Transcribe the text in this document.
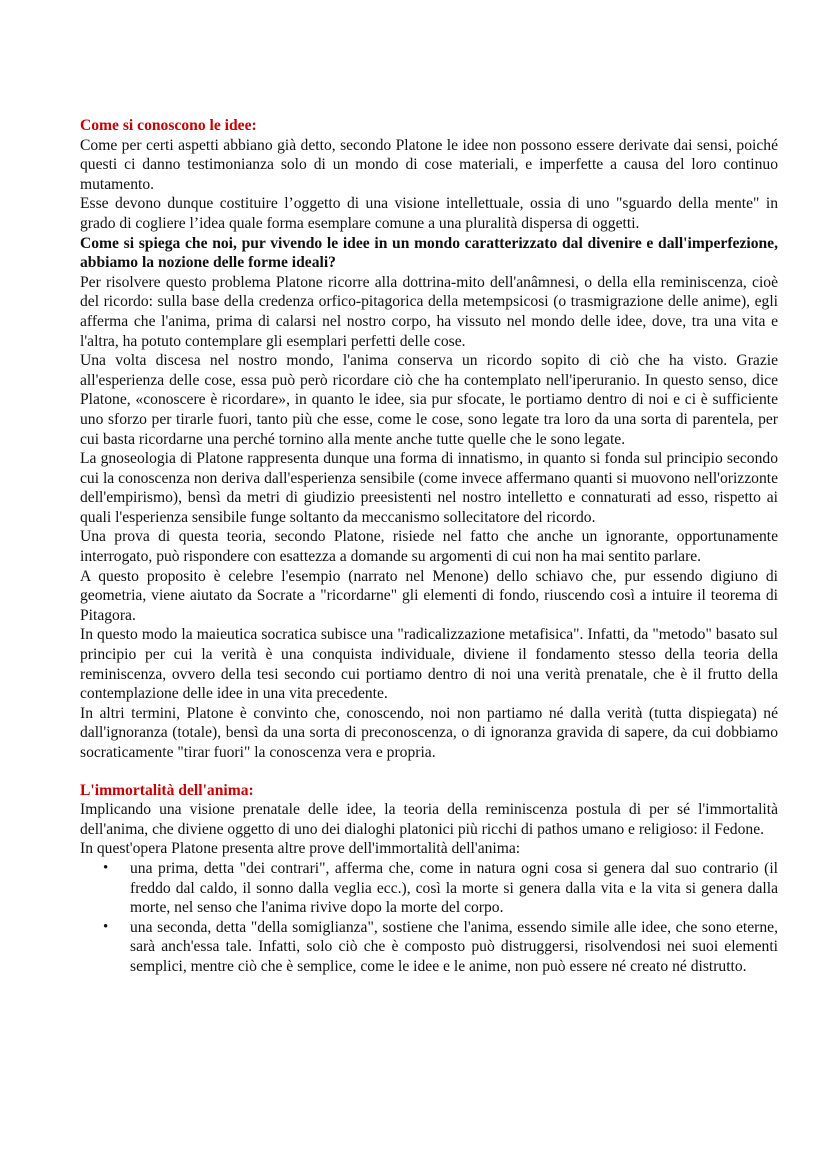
Come si conoscono le idee:

Come per certi aspetti abbiano già detto, secondo Platone le idee non possono essere derivate dai sensi, poiché questi ci danno testimonianza solo di un mondo di cose materiali, e imperfette a causa del loro continuo mutamento.

Esse devono dunque costituire l’oggetto di una visione intellettuale, ossia di uno "sguardo della mente" in grado di cogliere l’idea quale forma esemplare comune a una pluralità dispersa di oggetti.

Come si spiega che noi, pur vivendo le idee in un mondo caratterizzato dal divenire e dall'imperfezione, abbiamo la nozione delle forme ideali?

Per risolvere questo problema Platone ricorre alla dottrina-mito dell'anâmnesi, o della ella reminiscenza, cioè del ricordo: sulla base della credenza orfico-pitagorica della metempsicosi (o trasmigrazione delle anime), egli afferma che l'anima, prima di calarsi nel nostro corpo, ha vissuto nel mondo delle idee, dove, tra una vita e l'altra, ha potuto contemplare gli esemplari perfetti delle cose.

Una volta discesa nel nostro mondo, l'anima conserva un ricordo sopito di ciò che ha visto. Grazie all'esperienza delle cose, essa può però ricordare ciò che ha contemplato nell'iperuranio. In questo senso, dice Platone, «conoscere è ricordare», in quanto le idee, sia pur sfocate, le portiamo dentro di noi e ci è sufficiente uno sforzo per tirarle fuori, tanto più che esse, come le cose, sono legate tra loro da una sorta di parentela, per cui basta ricordarne una perché tornino alla mente anche tutte quelle che le sono legate.

La gnoseologia di Platone rappresenta dunque una forma di innatismo, in quanto si fonda sul principio secondo cui la conoscenza non deriva dall'esperienza sensibile (come invece affermano quanti si muovono nell'orizzonte dell'empirismo), bensì da metri di giudizio preesistenti nel nostro intelletto e connaturati ad esso, rispetto ai quali l'esperienza sensibile funge soltanto da meccanismo sollecitatore del ricordo.

Una prova di questa teoria, secondo Platone, risiede nel fatto che anche un ignorante, opportunamente interrogato, può rispondere con esattezza a domande su argomenti di cui non ha mai sentito parlare.

A questo proposito è celebre l'esempio (narrato nel Menone) dello schiavo che, pur essendo digiuno di geometria, viene aiutato da Socrate a "ricordarne" gli elementi di fondo, riuscendo così a intuire il teorema di Pitagora.

In questo modo la maieutica socratica subisce una "radicalizzazione metafisica". Infatti, da "metodo" basato sul principio per cui la verità è una conquista individuale, diviene il fondamento stesso della teoria della reminiscenza, ovvero della tesi secondo cui portiamo dentro di noi una verità prenatale, che è il frutto della contemplazione delle idee in una vita precedente.

In altri termini, Platone è convinto che, conoscendo, noi non partiamo né dalla verità (tutta dispiegata) né dall'ignoranza (totale), bensì da una sorta di preconoscenza, o di ignoranza gravida di sapere, da cui dobbiamo socraticamente "tirar fuori" la conoscenza vera e propria.

L'immortalità dell'anima:

Implicando una visione prenatale delle idee, la teoria della reminiscenza postula di per sé l'immortalità dell'anima, che diviene oggetto di uno dei dialoghi platonici più ricchi di pathos umano e religioso: il Fedone.

In quest'opera Platone presenta altre prove dell'immortalità dell'anima:

• una prima, detta "dei contrari", afferma che, come in natura ogni cosa si genera dal suo contrario (il freddo dal caldo, il sonno dalla veglia ecc.), così la morte si genera dalla vita e la vita si genera dalla morte, nel senso che l'anima rivive dopo la morte del corpo.
• una seconda, detta "della somiglianza", sostiene che l'anima, essendo simile alle idee, che sono eterne, sarà anch'essa tale. Infatti, solo ciò che è composto può distruggersi, risolvendosi nei suoi elementi semplici, mentre ciò che è semplice, come le idee e le anime, non può essere né creato né distrutto.
